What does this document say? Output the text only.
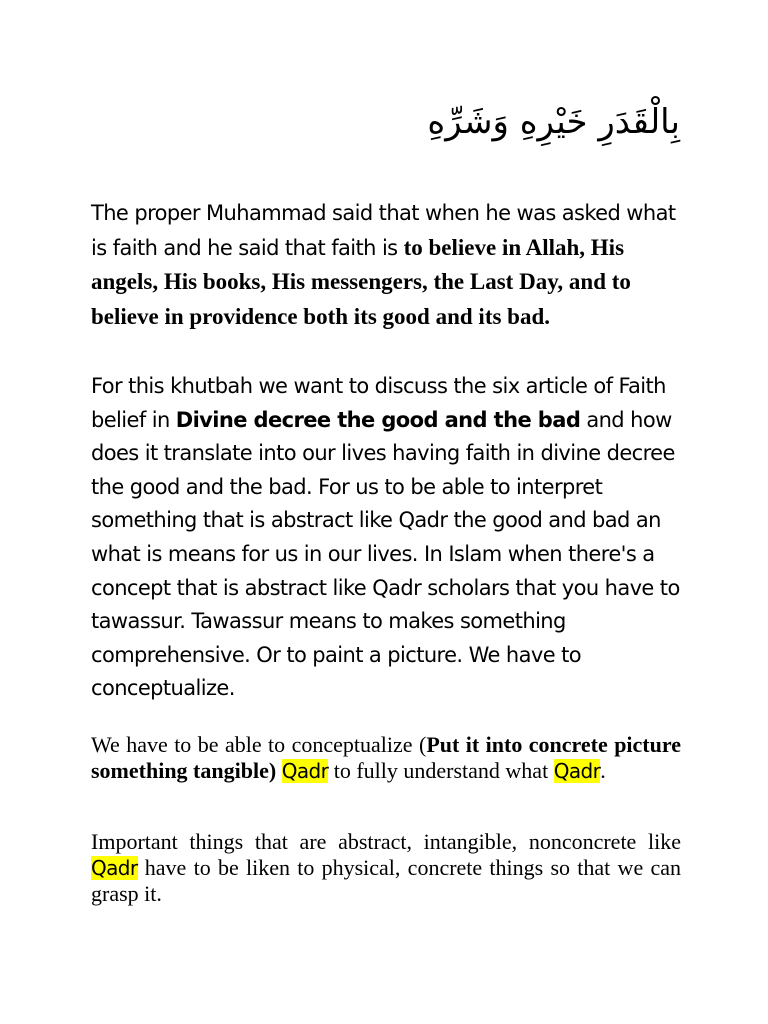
بِالْقَدَرِ خَيْرِهِ وَشَرِّهِ

The proper Muhammad said that when he was asked what is faith and he said that faith is to believe in Allah, His angels, His books, His messengers, the Last Day, and to believe in providence both its good and its bad.

For this khutbah we want to discuss the six article of Faith belief in Divine decree the good and the bad and how does it translate into our lives having faith in divine decree the good and the bad. For us to be able to interpret something that is abstract like Qadr the good and bad an what is means for us in our lives. In Islam when there's a concept that is abstract like Qadr scholars that you have to tawassur. Tawassur means to makes something comprehensive. Or to paint a picture. We have to conceptualize.

We have to be able to conceptualize (Put it into concrete picture something tangible) Qadr to fully understand what Qadr.

Important things that are abstract, intangible, nonconcrete like Qadr have to be liken to physical, concrete things so that we can grasp it.
